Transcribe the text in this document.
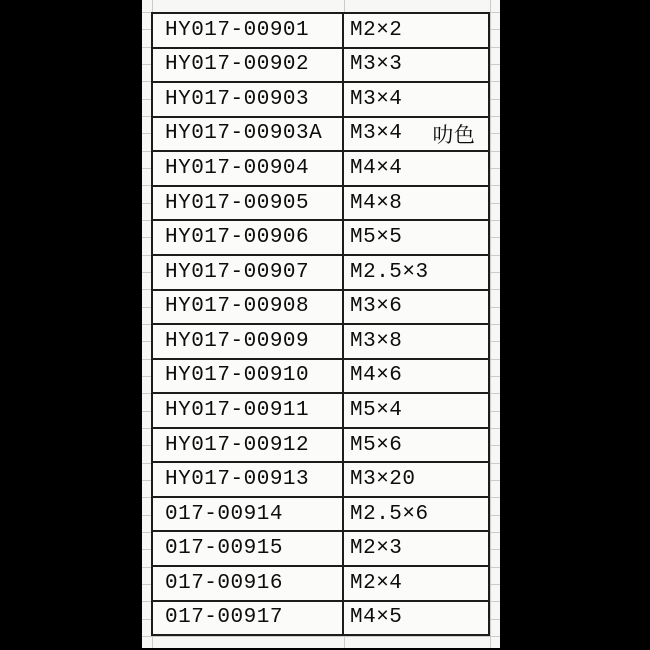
HY017-00901	M2×2
HY017-00902	M3×3
HY017-00903	M3×4
HY017-00903A	M3×4 叻色
HY017-00904	M4×4
HY017-00905	M4×8
HY017-00906	M5×5
HY017-00907	M2.5×3
HY017-00908	M3×6
HY017-00909	M3×8
HY017-00910	M4×6
HY017-00911	M5×4
HY017-00912	M5×6
HY017-00913	M3×20
017-00914	M2.5×6
017-00915	M2×3
017-00916	M2×4
017-00917	M4×5
